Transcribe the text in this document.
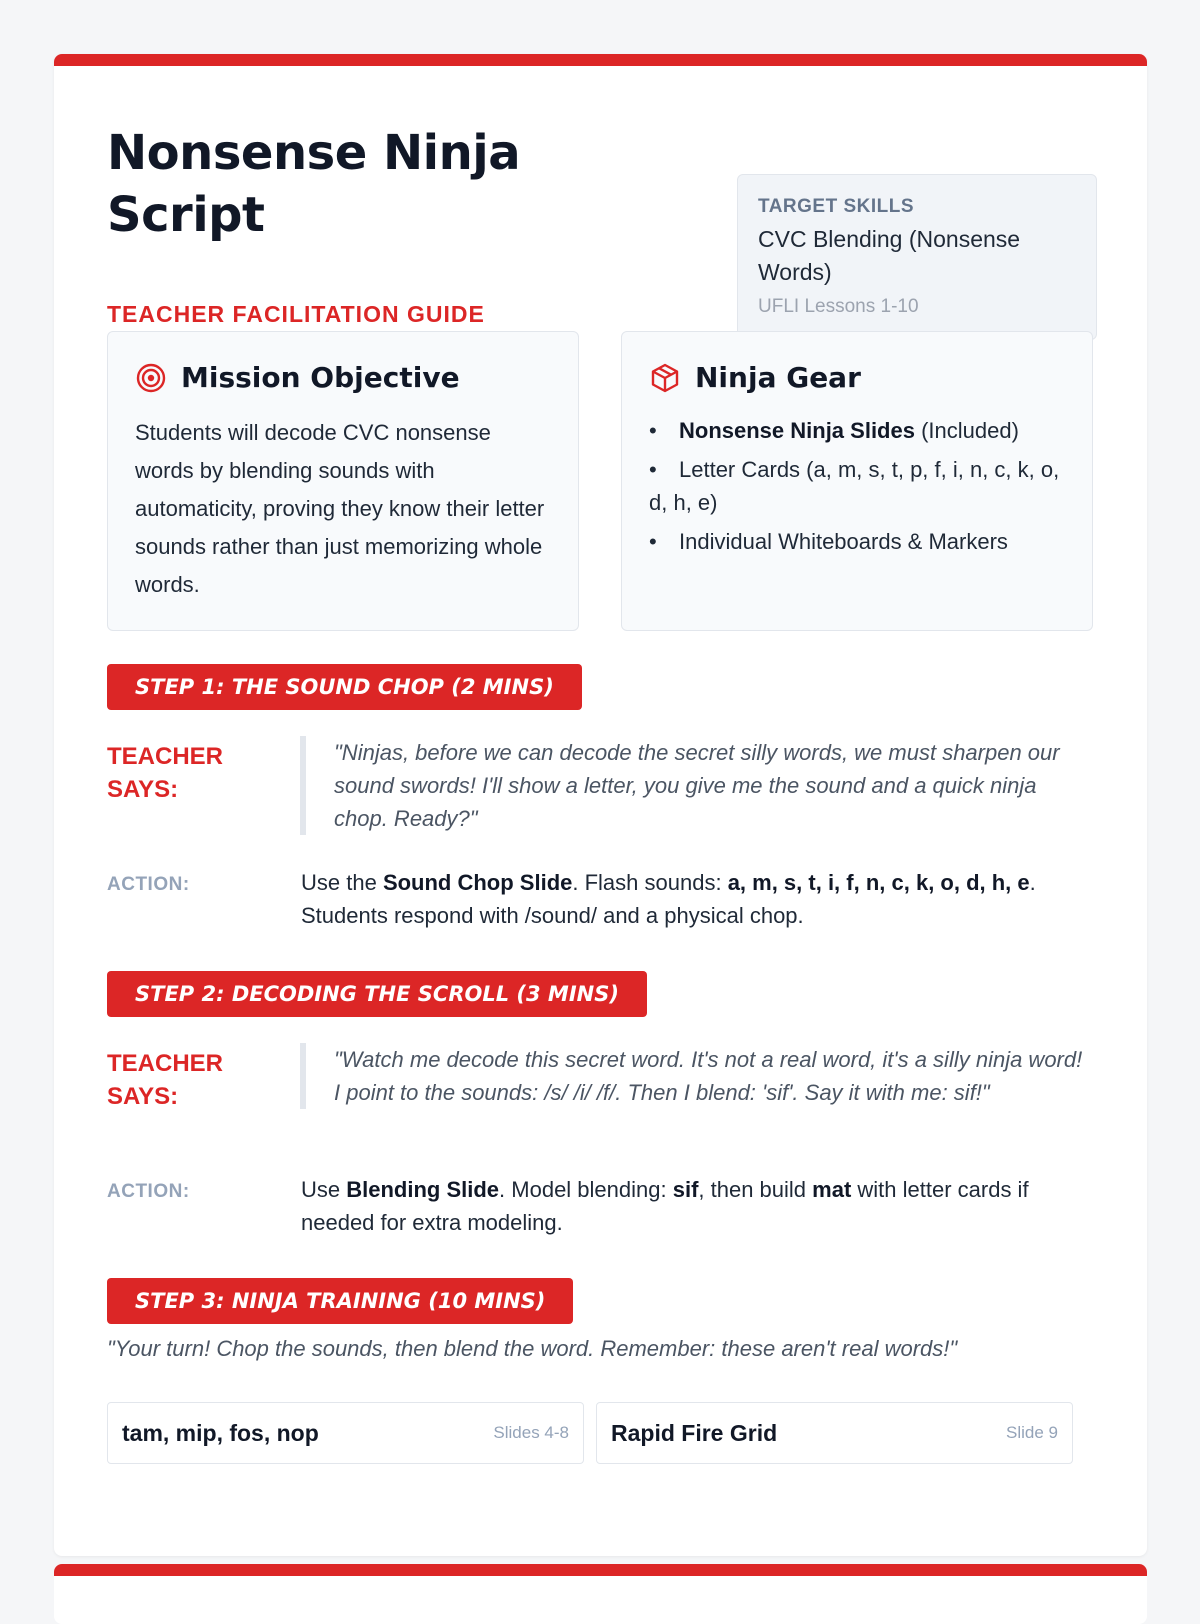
Nonsense Ninja Script
TEACHER FACILITATION GUIDE
TARGET SKILLS
CVC Blending (Nonsense Words)
UFLI Lessons 1-10
Mission Objective

Students will decode CVC nonsense words by blending sounds with automaticity, proving they know their letter sounds rather than just memorizing whole words.

Ninja Gear
• Nonsense Ninja Slides (Included)
• Letter Cards (a, m, s, t, p, f, i, n, c, k, o, d, h, e)
• Individual Whiteboards & Markers
STEP 1: THE SOUND CHOP (2 MINS)
TEACHER SAYS:
"Ninjas, before we can decode the secret silly words, we must sharpen our sound swords! I'll show a letter, you give me the sound and a quick ninja chop. Ready?"
ACTION:	Use the Sound Chop Slide. Flash sounds: a, m, s, t, i, f, n, c, k, o, d, h, e. Students respond with /sound/ and a physical chop.
STEP 2: DECODING THE SCROLL (3 MINS)
TEACHER SAYS:
"Watch me decode this secret word. It's not a real word, it's a silly ninja word! I point to the sounds: /s/ /i/ /f/. Then I blend: 'sif'. Say it with me: sif!"
ACTION:	Use Blending Slide. Model blending: sif, then build mat with letter cards if needed for extra modeling.
STEP 3: NINJA TRAINING (10 MINS)
"Your turn! Chop the sounds, then blend the word. Remember: these aren't real words!"
tam, mip, fos, nop	Slides 4-8 Rapid Fire Grid	Slide 9
